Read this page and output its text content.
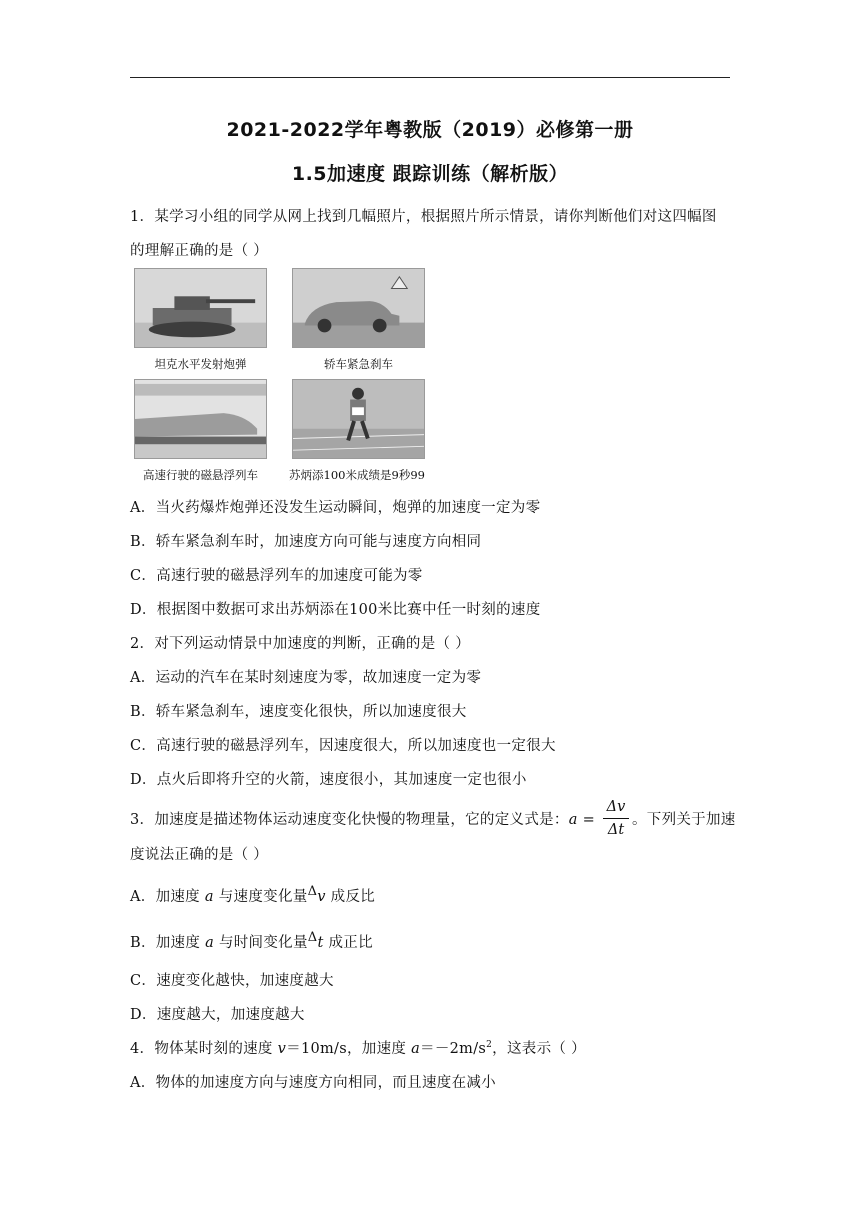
2021-2022学年粤教版（2019）必修第一册
1.5加速度 跟踪训练（解析版）
1．某学习小组的同学从网上找到几幅照片，根据照片所示情景，请你判断他们对这四幅图
的理解正确的是（ ）
坦克水平发射炮弹	轿车紧急刹车
高速行驶的磁悬浮列车	苏炳添100米成绩是9秒99
A．当火药爆炸炮弹还没发生运动瞬间，炮弹的加速度一定为零
B．轿车紧急刹车时，加速度方向可能与速度方向相同
C．高速行驶的磁悬浮列车的加速度可能为零
D．根据图中数据可求出苏炳添在100米比赛中任一时刻的速度
2．对下列运动情景中加速度的判断，正确的是（ ）
A．运动的汽车在某时刻速度为零，故加速度一定为零
B．轿车紧急刹车，速度变化很快，所以加速度很大
C．高速行驶的磁悬浮列车，因速度很大，所以加速度也一定很大
D．点火后即将升空的火箭，速度很小，其加速度一定也很小
3．加速度是描述物体运动速度变化快慢的物理量，它的定义式是：a = 。下列关于加速
Δv
Δt
度说法正确的是（ ）
A．加速度 a 与速度变化量Δv 成反比
B．加速度 a 与时间变化量Δt 成正比
C．速度变化越快，加速度越大
D．速度越大，加速度越大
4．物体某时刻的速度 v＝10m/s，加速度 $a=-2m/s^2$，这表示（ ）
A．物体的加速度方向与速度方向相同，而且速度在减小
